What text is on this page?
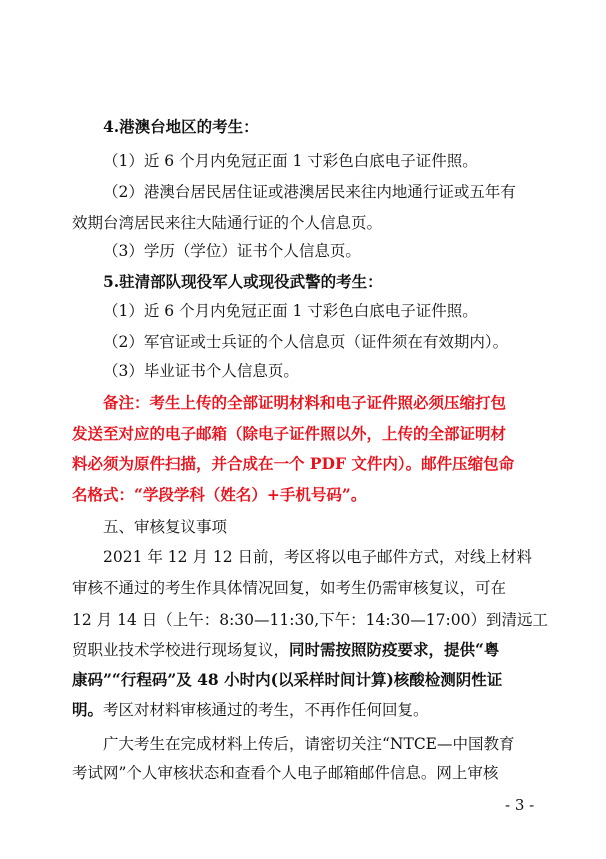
4.港澳台地区的考生：
（1）近 6 个月内免冠正面 1 寸彩色白底电子证件照。
（2）港澳台居民居住证或港澳居民来往内地通行证或五年有
效期台湾居民来往大陆通行证的个人信息页。
（3）学历（学位）证书个人信息页。
5.驻清部队现役军人或现役武警的考生：
（1）近 6 个月内免冠正面 1 寸彩色白底电子证件照。
（2）军官证或士兵证的个人信息页（证件须在有效期内）。
（3）毕业证书个人信息页。
备注：考生上传的全部证明材料和电子证件照必须压缩打包
发送至对应的电子邮箱（除电子证件照以外，上传的全部证明材
料必须为原件扫描，并合成在一个 PDF 文件内）。邮件压缩包命
名格式：“学段学科（姓名）+手机号码”。
五、审核复议事项
2021 年 12 月 12 日前，考区将以电子邮件方式，对线上材料
审核不通过的考生作具体情况回复，如考生仍需审核复议，可在
12 月 14 日（上午：8:30—11:30,下午：14:30—17:00）到清远工
贸职业技术学校进行现场复议，同时需按照防疫要求，提供“粤
康码”“行程码”及 48 小时内(以采样时间计算)核酸检测阴性证
明。考区对材料审核通过的考生，不再作任何回复。
广大考生在完成材料上传后，请密切关注“NTCE—中国教育
考试网”个人审核状态和查看个人电子邮箱邮件信息。网上审核
- 3 -
